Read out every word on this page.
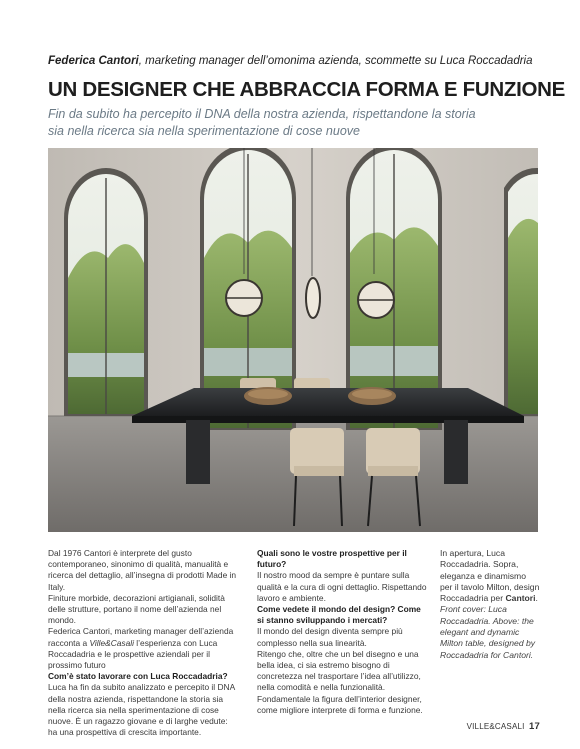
Federica Cantori, marketing manager dell’omonima azienda, scommette su Luca Roccadadria
UN DESIGNER CHE ABBRACCIA FORMA E FUNZIONE
Fin da subito ha percepito il DNA della nostra azienda, rispettandone la storia
sia nella ricerca sia nella sperimentazione di cose nuove

Dal 1976 Cantori è interprete del gusto contemporaneo, sinonimo di qualità, manualità e ricerca del dettaglio, all’insegna di prodotti Made in Italy.

Finiture morbide, decorazioni artigianali, solidità delle strutture, portano il nome dell’azienda nel mondo.

Federica Cantori, marketing manager dell’azienda racconta a Ville&Casali l’esperienza con Luca Roccadadria e le prospettive aziendali per il prossimo futuro

Com’è stato lavorare con Luca Roccadadria?

Luca ha fin da subito analizzato e percepito il DNA della nostra azienda, rispettandone la storia sia nella ricerca sia nella sperimentazione di cose nuove. È un ragazzo giovane e di larghe vedute: ha una prospettiva di crescita importante.

Quali sono le vostre prospettive per il futuro?

Il nostro mood da sempre è puntare sulla qualità e la cura di ogni dettaglio. Rispettando lavoro e ambiente.

Come vedete il mondo del design? Come si stanno sviluppando i mercati?

Il mondo del design diventa sempre più complesso nella sua linearità.

Ritengo che, oltre che un bel disegno e una bella idea, ci sia estremo bisogno di concretezza nel trasportare l’idea all’utilizzo, nella comodità e nella funzionalità.

Fondamentale la figura dell’interior designer, come migliore interprete di forma e funzione.

In apertura, Luca Roccadadria. Sopra, eleganza e dinamismo per il tavolo Milton, design Roccadadria per Cantori.

Front cover: Luca Roccadadria. Above: the elegant and dynamic Milton table, designed by Roccadadria for Cantori.

VILLE&CASALI 17
